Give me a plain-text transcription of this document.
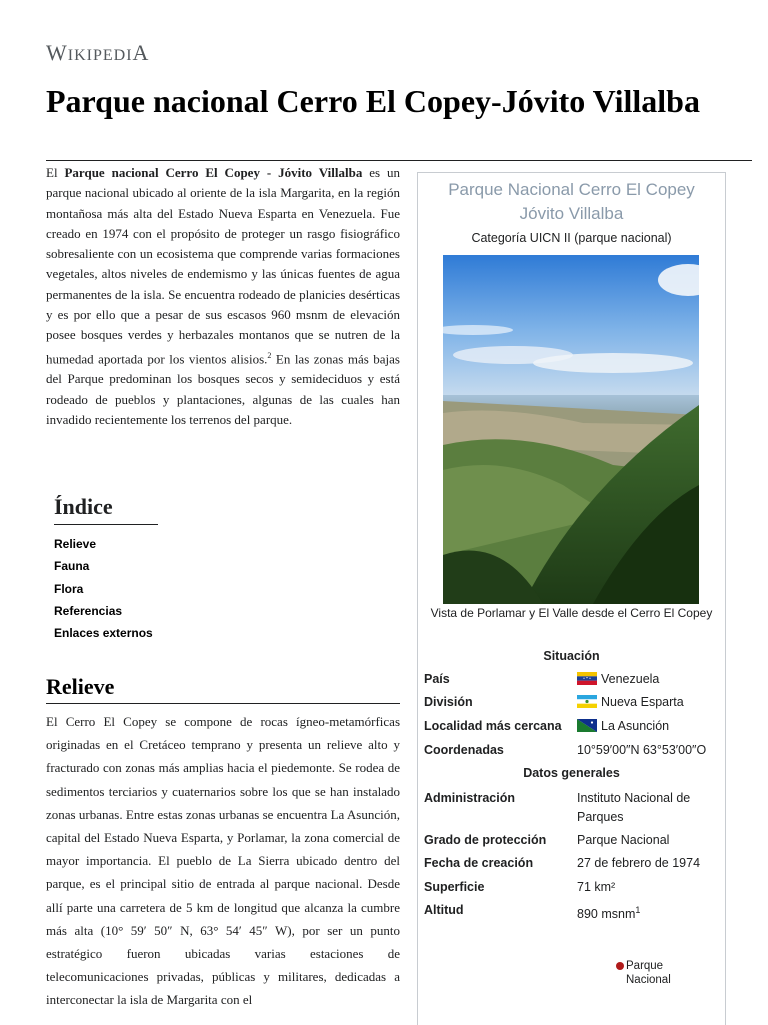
WIKIPEDIA
Parque nacional Cerro El Copey-Jóvito Villalba

El Parque nacional Cerro El Copey - Jóvito Villalba es un parque nacional ubicado al oriente de la isla Margarita, en la región montañosa más alta del Estado Nueva Esparta en Venezuela. Fue creado en 1974 con el propósito de proteger un rasgo fisiográfico sobresaliente con un ecosistema que comprende varias formaciones vegetales, altos niveles de endemismo y las únicas fuentes de agua permanentes de la isla. Se encuentra rodeado de planicies desérticas y es por ello que a pesar de sus escasos 960 msnm de elevación posee bosques verdes y herbazales montanos que se nutren de la humedad aportada por los vientos alisios.$^2$ En las zonas más bajas del Parque predominan los bosques secos y semideciduos y está rodeado de pueblos y plantaciones, algunas de las cuales han invadido recientemente los terrenos del parque.

Índice
Relieve
Fauna
Flora
Referencias
Enlaces externos
Relieve

El Cerro El Copey se compone de rocas ígneo-metamórficas originadas en el Cretáceo temprano y presenta un relieve alto y fracturado con zonas más amplias hacia el piedemonte. Se rodea de sedimentos terciarios y cuaternarios sobre los que se han instalado zonas urbanas. Entre estas zonas urbanas se encuentra La Asunción, capital del Estado Nueva Esparta, y Porlamar, la zona comercial de mayor importancia. El pueblo de La Sierra ubicado dentro del parque, es el principal sitio de entrada al parque nacional. Desde allí parte una carretera de 5 km de longitud que alcanza la cumbre más alta (10° 59′ 50″ N, 63° 54′ 45″ W), por ser un punto estratégico fueron ubicadas varias estaciones de telecomunicaciones privadas, públicas y militares, dedicadas a interconectar la isla de Margarita con el

Parque Nacional Cerro El Copey Jóvito Villalba
Categoría UICN II (parque nacional)
Vista de Porlamar y El Valle desde el Cerro El Copey
Situación
País	Venezuela
División	Nueva Esparta
Localidad más cercana	La Asunción
Coordenadas	10°59′00″N 63°53′00″O
Datos generales
Administración	Instituto Nacional de Parques
Grado de protección	Parque Nacional
Fecha de creación	27 de febrero de 1974
Superficie	71 km²
Altitud	890 msnm$^1$
Parque
Nacional
